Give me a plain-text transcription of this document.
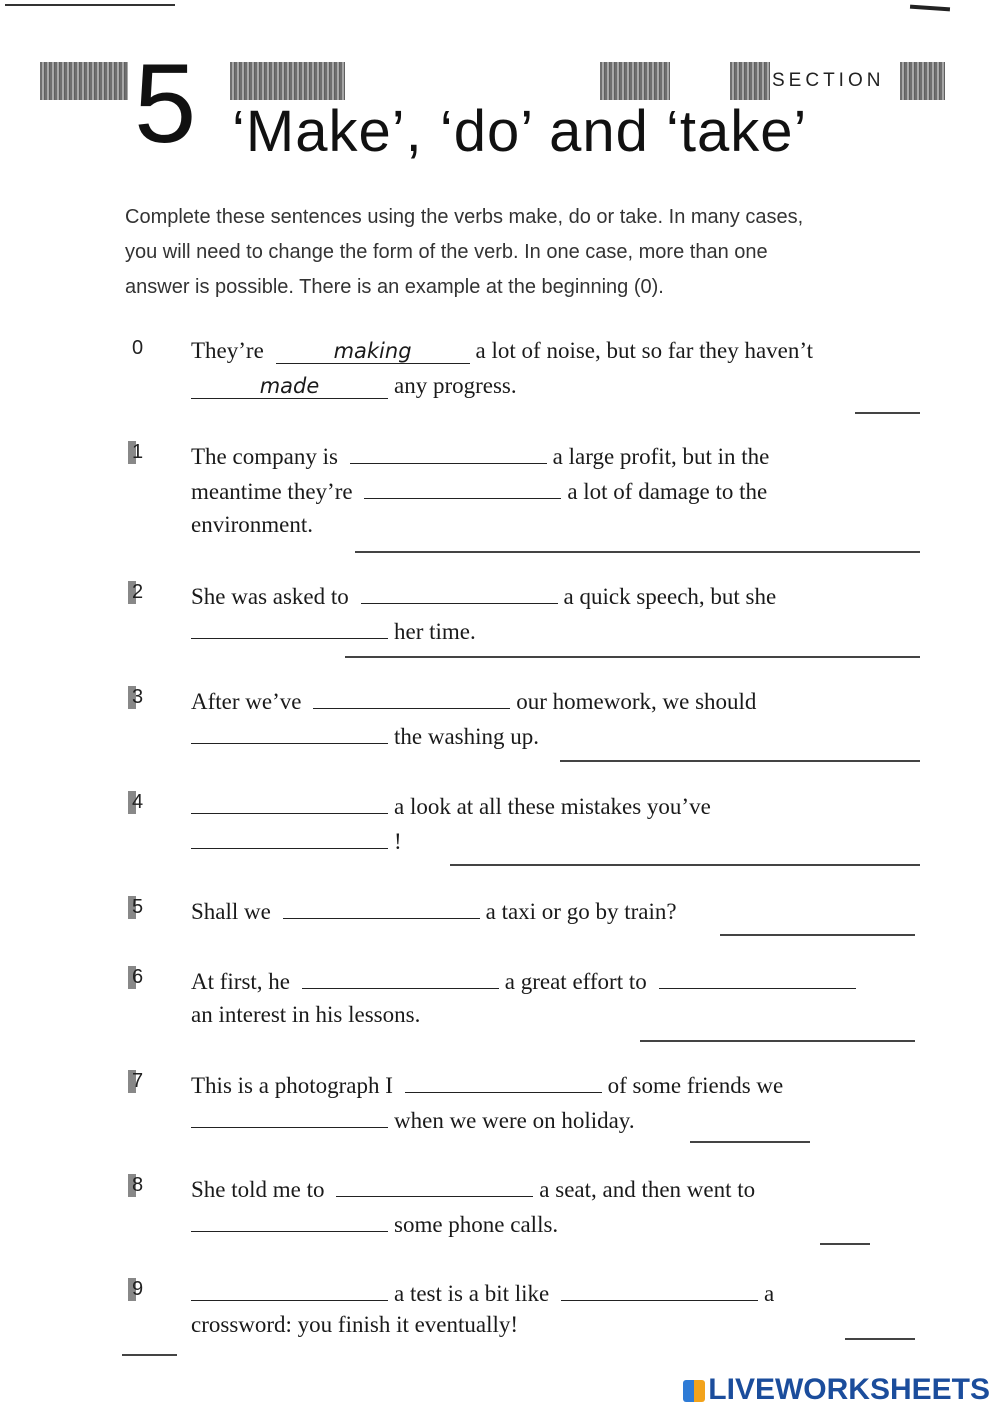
SECTION
5 ‘Make’, ‘do’ and ‘take’
Complete these sentences using the verbs make, do or take. In many cases,
you will need to change the form of the verb. In one case, more than one
answer is possible. There is an example at the beginning (0).
0	They’re	making	a lot of noise, but so far they haven’t
made	any progress.
1	The company is	a large profit, but in the
meantime they’re	a lot of damage to the
environment.
2	She was asked to	a quick speech, but she
her time.
3	After we’ve	our homework, we should
the washing up.
4	a look at all these mistakes you’ve
!
5	Shall we	a taxi or go by train?
6	At first, he	a great effort to
an interest in his lessons.
7	This is a photograph I	of some friends we
when we were on holiday.
8	She told me to	a seat, and then went to
some phone calls.
9	a test is a bit like	a
crossword: you finish it eventually!
LIVEWORKSHEETS
